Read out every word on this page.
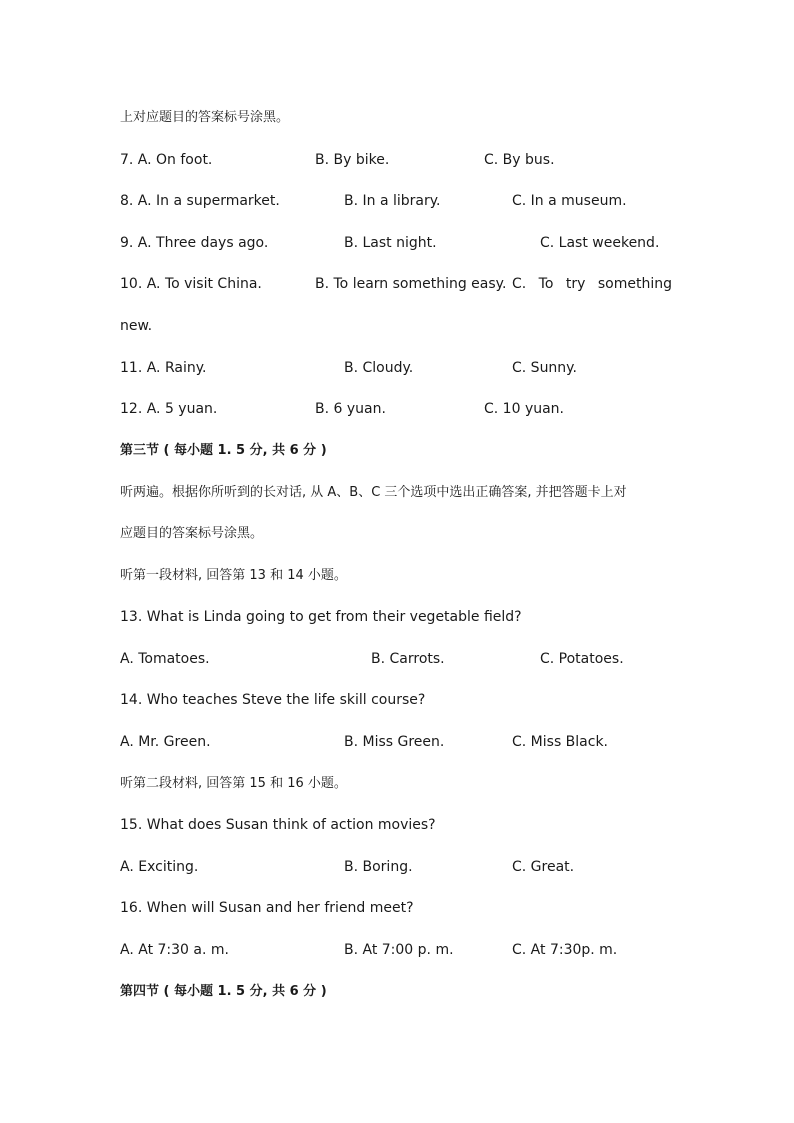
上对应题目的答案标号涂黑。
7. A. On foot.	B. By bike.	C. By bus.
8. A. In a supermarket.	B. In a library.	C. In a museum.
9. A. Three days ago.	B. Last night.	C. Last weekend.
10. A. To visit China.	B. To learn something easy. C. To try something
new.
11. A. Rainy.	B. Cloudy.	C. Sunny.
12. A. 5 yuan.	B. 6 yuan.	C. 10 yuan.
第三节 ( 每小题 1. 5 分, 共 6 分 )
听两遍。根据你所听到的长对话, 从 A、B、C 三个选项中选出正确答案, 并把答题卡上对
应题目的答案标号涂黑。
听第一段材料, 回答第 13 和 14 小题。
13. What is Linda going to get from their vegetable field?
A. Tomatoes.	B. Carrots.	C. Potatoes.
14. Who teaches Steve the life skill course?
A. Mr. Green.	B. Miss Green.	C. Miss Black.
听第二段材料, 回答第 15 和 16 小题。
15. What does Susan think of action movies?
A. Exciting.	B. Boring.	C. Great.
16. When will Susan and her friend meet?
A. At 7:30 a. m.	B. At 7:00 p. m.	C. At 7:30p. m.
第四节 ( 每小题 1. 5 分, 共 6 分 )
